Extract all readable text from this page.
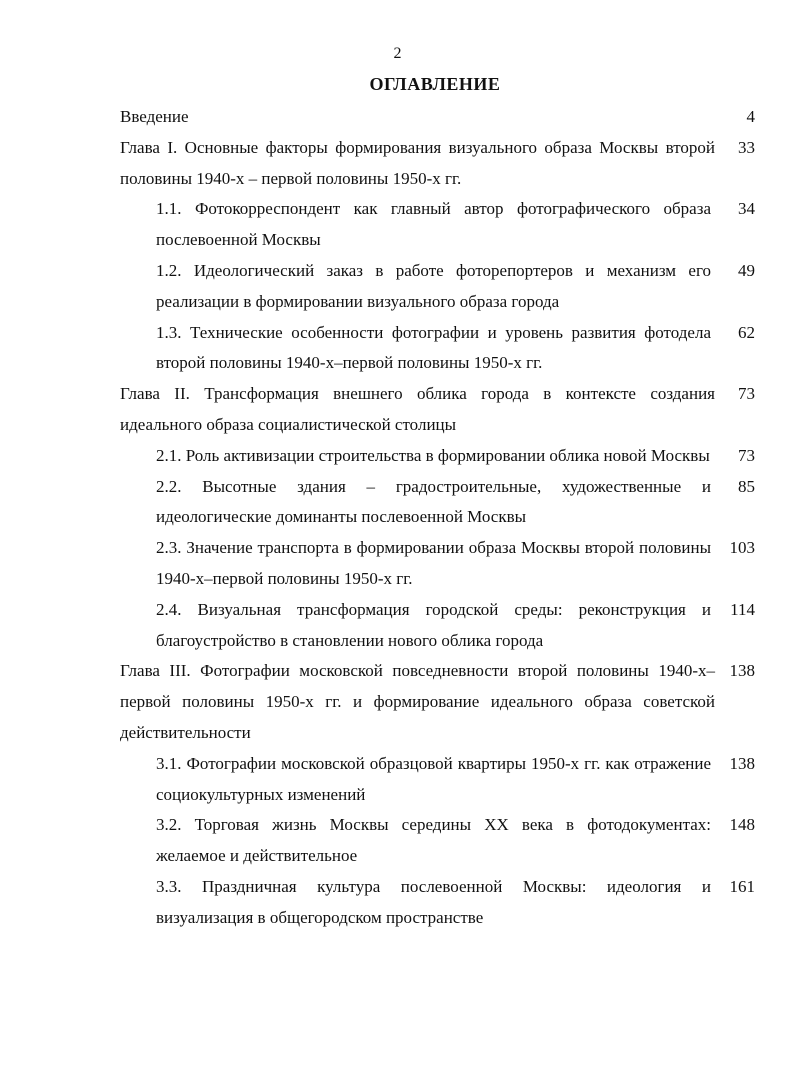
2
ОГЛАВЛЕНИЕ
Введение	4
Глава I. Основные факторы формирования визуального образа Москвы второй половины 1940-х – первой половины 1950-х гг.
33
1.1. Фотокорреспондент как главный автор фотографического образа послевоенной Москвы
34
1.2. Идеологический заказ в работе фоторепортеров и механизм его реализации в формировании визуального образа города
49
1.3. Технические особенности фотографии и уровень развития фотодела второй половины 1940-х–первой половины 1950-х гг.
62
Глава II. Трансформация внешнего облика города в контексте создания идеального образа социалистической столицы
73
2.1. Роль активизации строительства в формировании облика новой Москвы 73
2.2. Высотные здания – градостроительные, художественные и идеологические доминанты послевоенной Москвы
85
2.3. Значение транспорта в формировании образа Москвы второй половины 1940-х–первой половины 1950-х гг.
103
2.4. Визуальная трансформация городской среды: реконструкция и благоустройство в становлении нового облика города
114
Глава III. Фотографии московской повседневности второй половины 1940-х–первой половины 1950-х гг. и формирование идеального образа советской действительности
138
3.1. Фотографии московской образцовой квартиры 1950-х гг. как отражение социокультурных изменений
138
3.2. Торговая жизнь Москвы середины XX века в фотодокументах: желаемое и действительное
148
3.3. Праздничная культура послевоенной Москвы: идеология и визуализация в общегородском пространстве
161
